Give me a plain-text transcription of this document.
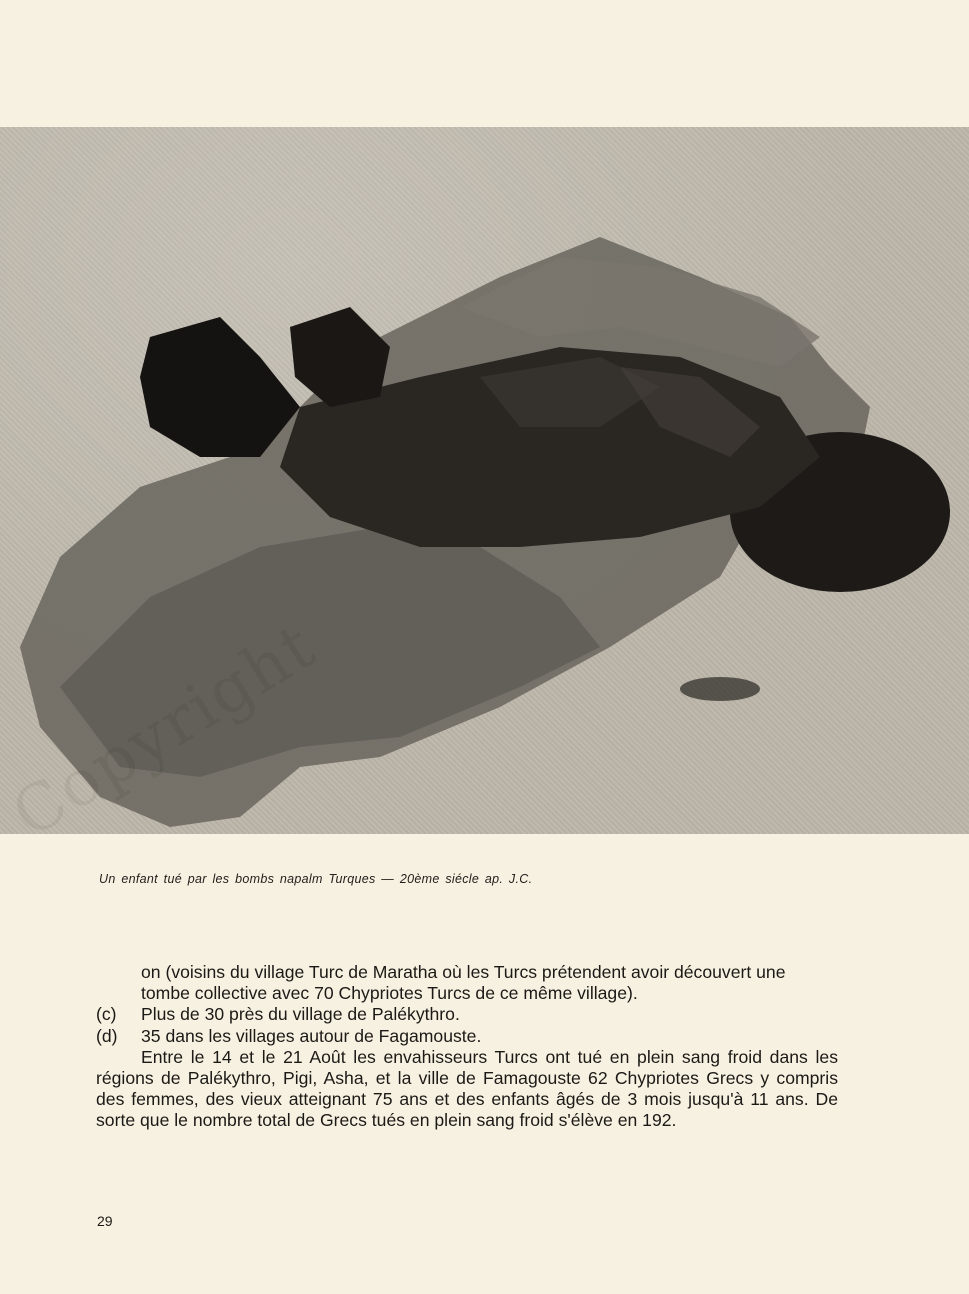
Copyright
Un enfant tué par les bombs napalm Turques — 20ème siécle ap. J.C.

on (voisins du village Turc de Maratha où les Turcs prétendent avoir découvert une tombe collective avec 70 Chypriotes Turcs de ce même village).

(c)	Plus de 30 près du village de Palékythro.
(d)	35 dans les villages autour de Fagamouste.

Entre le 14 et le 21 Août les envahisseurs Turcs ont tué en plein sang froid dans les régions de Palékythro, Pigi, Asha, et la ville de Famagouste 62 Chypriotes Grecs y compris des femmes, des vieux atteignant 75 ans et des enfants âgés de 3 mois jusqu'à 11 ans. De sorte que le nombre total de Grecs tués en plein sang froid s'élève en 192.

29
